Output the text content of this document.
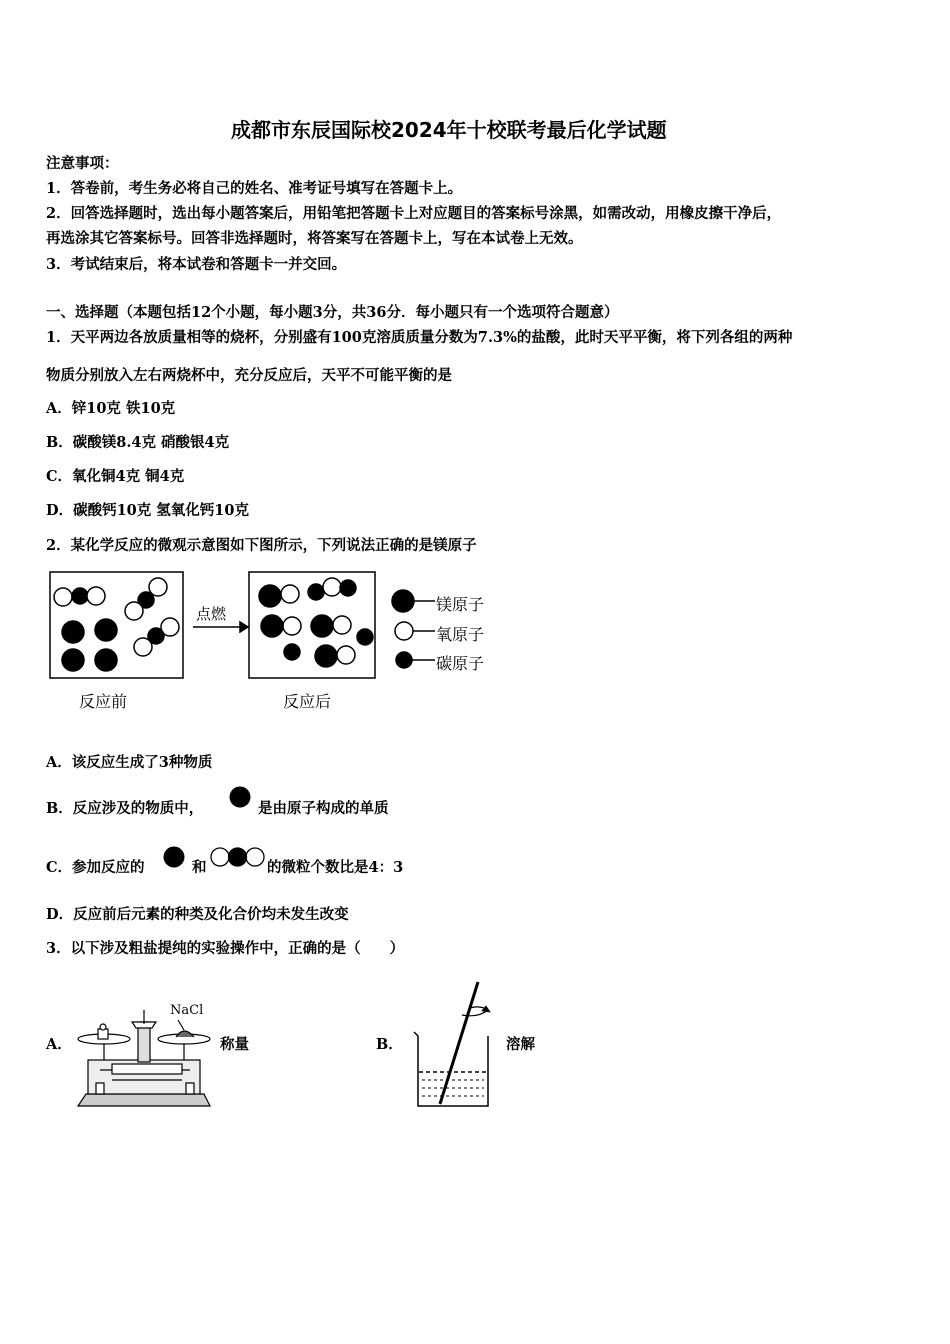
成都市东辰国际校2024年十校联考最后化学试题
注意事项：
1．答卷前，考生务必将自己的姓名、准考证号填写在答题卡上。
2．回答选择题时，选出每小题答案后，用铅笔把答题卡上对应题目的答案标号涂黑，如需改动，用橡皮擦干净后，
再选涂其它答案标号。回答非选择题时，将答案写在答题卡上，写在本试卷上无效。
3．考试结束后，将本试卷和答题卡一并交回。
一、选择题（本题包括12个小题，每小题3分，共36分．每小题只有一个选项符合题意）
1．天平两边各放质量相等的烧杯，分别盛有100克溶质质量分数为7.3%的盐酸，此时天平平衡，将下列各组的两种
物质分别放入左右两烧杯中，充分反应后，天平不可能平衡的是
A．锌10克 铁10克
B．碳酸镁8.4克 硝酸银4克
C．氧化铜4克 铜4克
D．碳酸钙10克 氢氧化钙10克
2．某化学反应的微观示意图如下图所示，下列说法正确的是镁原子
点燃
反应前	反应后
镁原子
氧原子
碳原子
A．该反应生成了3种物质
B．反应涉及的物质中，	是由原子构成的单质
C．参加反应的	和	的微粒个数比是4：3
D．反应前后元素的种类及化合价均未发生改变
3．以下涉及粗盐提纯的实验操作中，正确的是（　　）
A．
NaCl
称量	B．	溶解
